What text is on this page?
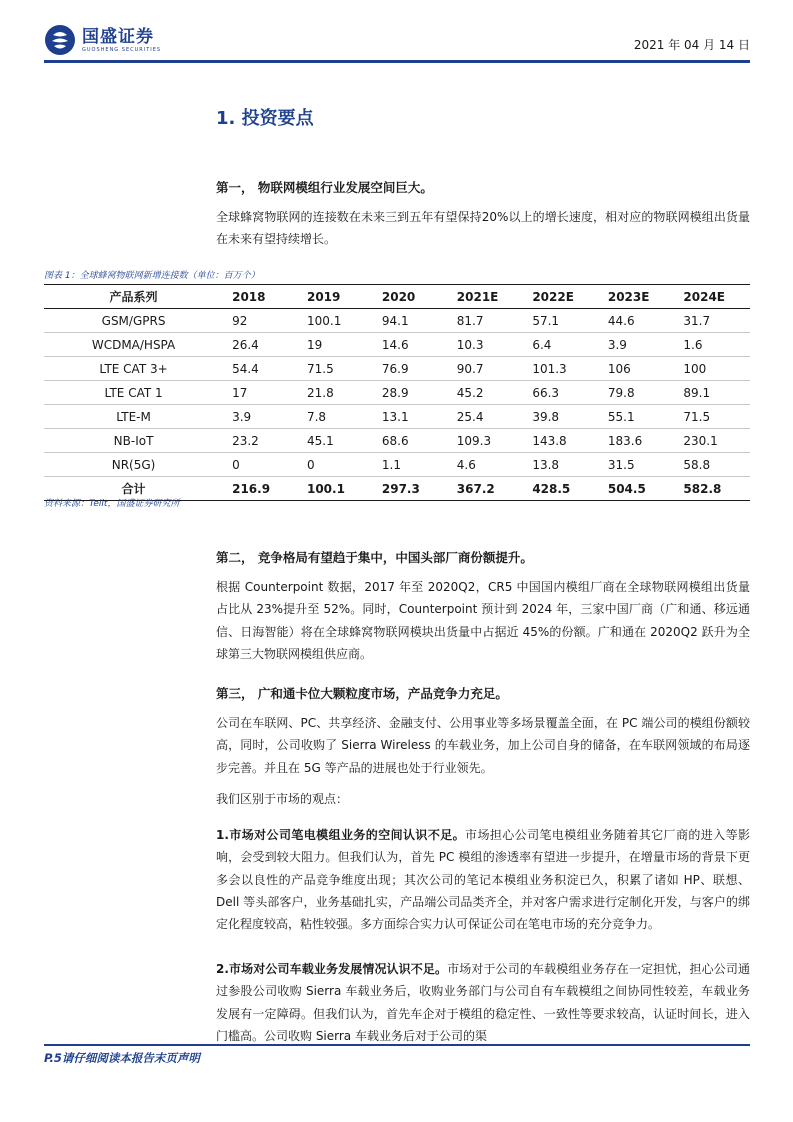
国盛证券
GUOSHENG SECURITIES	2021 年 04 月 14 日
1. 投资要点
第一， 物联网模组行业发展空间巨大。
全球蜂窝物联网的连接数在未来三到五年有望保持20%以上的增长速度，相对应的物联网模组出货量在未来有望持续增长。
图表 1：全球蜂窝物联网新增连接数（单位：百万个）
产品系列	2018	2019	2020	2021E	2022E	2023E	2024E
GSM/GPRS	92	100.1	94.1	81.7	57.1	44.6	31.7
WCDMA/HSPA	26.4	19	14.6	10.3	6.4	3.9	1.6
LTE CAT 3+	54.4	71.5	76.9	90.7	101.3	106	100
LTE CAT 1	17	21.8	28.9	45.2	66.3	79.8	89.1
LTE-M	3.9	7.8	13.1	25.4	39.8	55.1	71.5
NB-IoT	23.2	45.1	68.6	109.3	143.8	183.6	230.1
NR(5G)	0	0	1.1	4.6	13.8	31.5	58.8
合计	216.9	100.1	297.3	367.2	428.5	504.5	582.8
资料来源：Telit，国盛证券研究所
第二， 竞争格局有望趋于集中，中国头部厂商份额提升。
根据 Counterpoint 数据，2017 年至 2020Q2，CR5 中国国内模组厂商在全球物联网模组出货量占比从 23%提升至 52%。同时，Counterpoint 预计到 2024 年，三家中国厂商（广和通、移远通信、日海智能）将在全球蜂窝物联网模块出货量中占据近 45%的份额。广和通在 2020Q2 跃升为全球第三大物联网模组供应商。
第三， 广和通卡位大颗粒度市场，产品竞争力充足。
公司在车联网、PC、共享经济、金融支付、公用事业等多场景覆盖全面，在 PC 端公司的模组份额较高，同时，公司收购了 Sierra Wireless 的车载业务，加上公司自身的储备，在车联网领域的布局逐步完善。并且在 5G 等产品的进展也处于行业领先。
我们区别于市场的观点：
1.市场对公司笔电模组业务的空间认识不足。市场担心公司笔电模组业务随着其它厂商的进入等影响，会受到较大阻力。但我们认为，首先 PC 模组的渗透率有望进一步提升，在增量市场的背景下更多会以良性的产品竞争维度出现；其次公司的笔记本模组业务积淀已久，积累了诸如 HP、联想、Dell 等头部客户，业务基础扎实，产品端公司品类齐全，并对客户需求进行定制化开发，与客户的绑定化程度较高，粘性较强。多方面综合实力认可保证公司在笔电市场的充分竞争力。
2.市场对公司车载业务发展情况认识不足。市场对于公司的车载模组业务存在一定担忧，担心公司通过参股公司收购 Sierra 车载业务后，收购业务部门与公司自有车载模组之间协同性较差，车载业务发展有一定障碍。但我们认为，首先车企对于模组的稳定性、一致性等要求较高，认证时间长，进入门槛高。公司收购 Sierra 车载业务后对于公司的渠
P.5请仔细阅读本报告末页声明
